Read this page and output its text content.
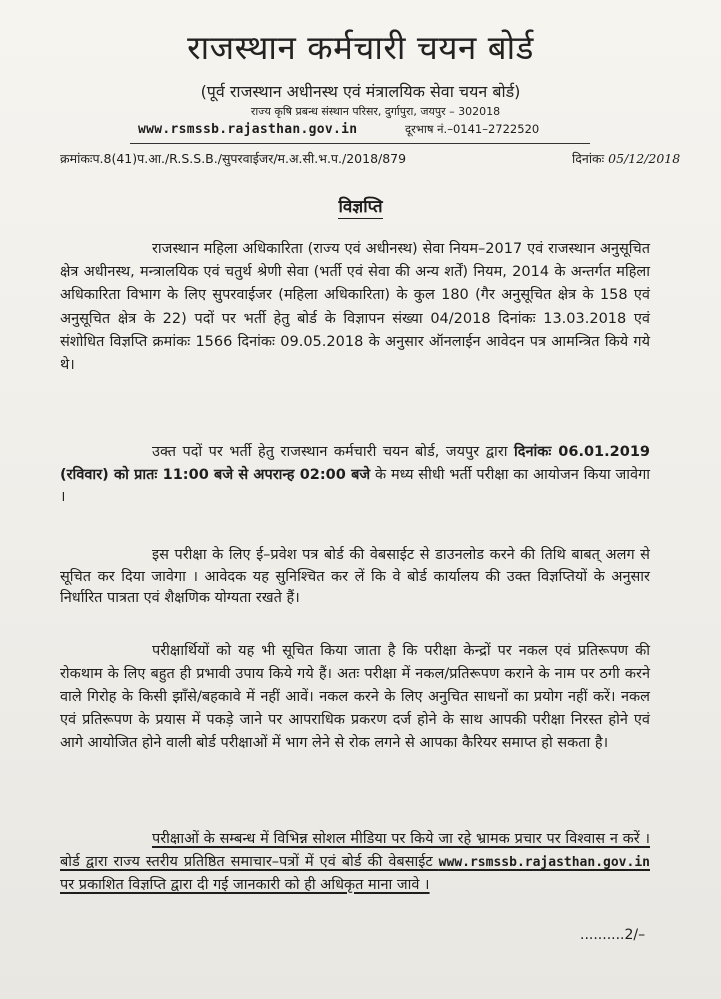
राजस्थान कर्मचारी चयन बोर्ड
(पूर्व राजस्थान अधीनस्थ एवं मंत्रालयिक सेवा चयन बोर्ड)
राज्य कृषि प्रबन्ध संस्थान परिसर, दुर्गापुरा, जयपुर – 302018
www.rsmssb.rajasthan.gov.in	दूरभाष नं.–0141–2722520
क्रमांकःप.8(41)प.आ./R.S.S.B./सुपरवाईजर/म.अ.सी.भ.प./2018/879	दिनांकः 05/12/2018
विज्ञप्ति
राजस्थान महिला अधिकारिता (राज्य एवं अधीनस्थ) सेवा नियम–2017 एवं राजस्थान अनुसूचित क्षेत्र अधीनस्थ, मन्त्रालयिक एवं चतुर्थ श्रेणी सेवा (भर्ती एवं सेवा की अन्य शर्तें) नियम, 2014 के अन्तर्गत महिला अधिकारिता विभाग के लिए सुपरवाईजर (महिला अधिकारिता) के कुल 180 (गैर अनुसूचित क्षेत्र के 158 एवं अनुसूचित क्षेत्र के 22) पदों पर भर्ती हेतु बोर्ड के विज्ञापन संख्या 04/2018 दिनांकः 13.03.2018 एवं संशोधित विज्ञप्ति क्रमांकः 1566 दिनांकः 09.05.2018 के अनुसार ऑनलाईन आवेदन पत्र आमन्त्रित किये गये थे।
उक्त पदों पर भर्ती हेतु राजस्थान कर्मचारी चयन बोर्ड, जयपुर द्वारा दिनांकः 06.01.2019 (रविवार) को प्रातः 11:00 बजे से अपरान्ह 02:00 बजे के मध्य सीधी भर्ती परीक्षा का आयोजन किया जावेगा ।
इस परीक्षा के लिए ई–प्रवेश पत्र बोर्ड की वेबसाईट से डाउनलोड करने की तिथि बाबत् अलग से सूचित कर दिया जावेगा । आवेदक यह सुनिश्चित कर लें कि वे बोर्ड कार्यालय की उक्त विज्ञप्तियों के अनुसार निर्धारित पात्रता एवं शैक्षणिक योग्यता रखते हैं।
परीक्षार्थियों को यह भी सूचित किया जाता है कि परीक्षा केन्द्रों पर नकल एवं प्रतिरूपण की रोकथाम के लिए बहुत ही प्रभावी उपाय किये गये हैं। अतः परीक्षा में नकल/प्रतिरूपण कराने के नाम पर ठगी करने वाले गिरोह के किसी झाँसे/बहकावे में नहीं आवें। नकल करने के लिए अनुचित साधनों का प्रयोग नहीं करें। नकल एवं प्रतिरूपण के प्रयास में पकड़े जाने पर आपराधिक प्रकरण दर्ज होने के साथ आपकी परीक्षा निरस्त होने एवं आगे आयोजित होने वाली बोर्ड परीक्षाओं में भाग लेने से रोक लगने से आपका कैरियर समाप्त हो सकता है।
परीक्षाओं के सम्बन्ध में विभिन्न सोशल मीडिया पर किये जा रहे भ्रामक प्रचार पर विश्वास न करें । बोर्ड द्वारा राज्य स्तरीय प्रतिष्ठित समाचार–पत्रों में एवं बोर्ड की वेबसाईट www.rsmssb.rajasthan.gov.in पर प्रकाशित विज्ञप्ति द्वारा दी गई जानकारी को ही अधिकृत माना जावे ।
..........2/–
